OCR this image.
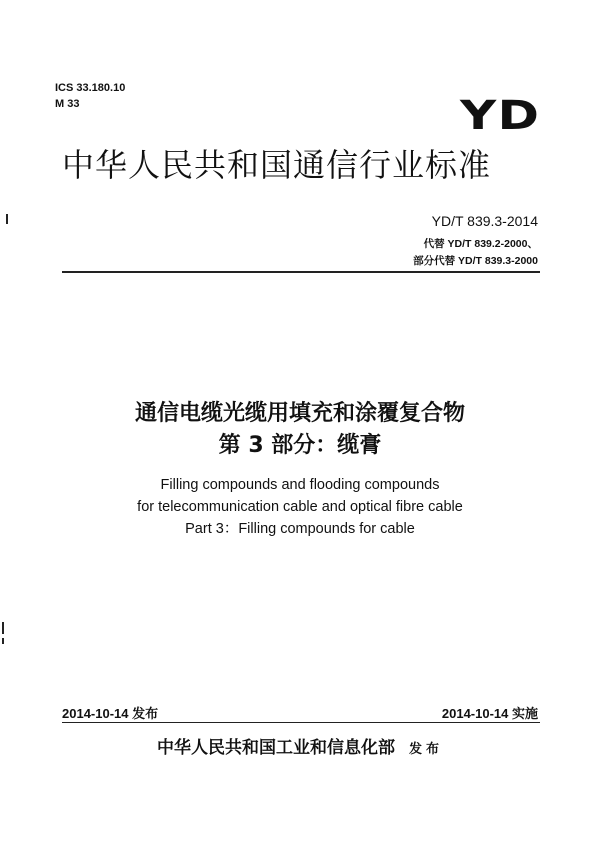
ICS 33.180.10
M 33	YD
中华人民共和国通信行业标准
YD/T 839.3-2014
代替 YD/T 839.2-2000、
部分代替 YD/T 839.3-2000
通信电缆光缆用填充和涂覆复合物
第 3 部分：缆膏
Filling compounds and flooding compounds
for telecommunication cable and optical fibre cable
Part 3：Filling compounds for cable
2014-10-14 发布	2014-10-14 实施
中华人民共和国工业和信息化部 发布
